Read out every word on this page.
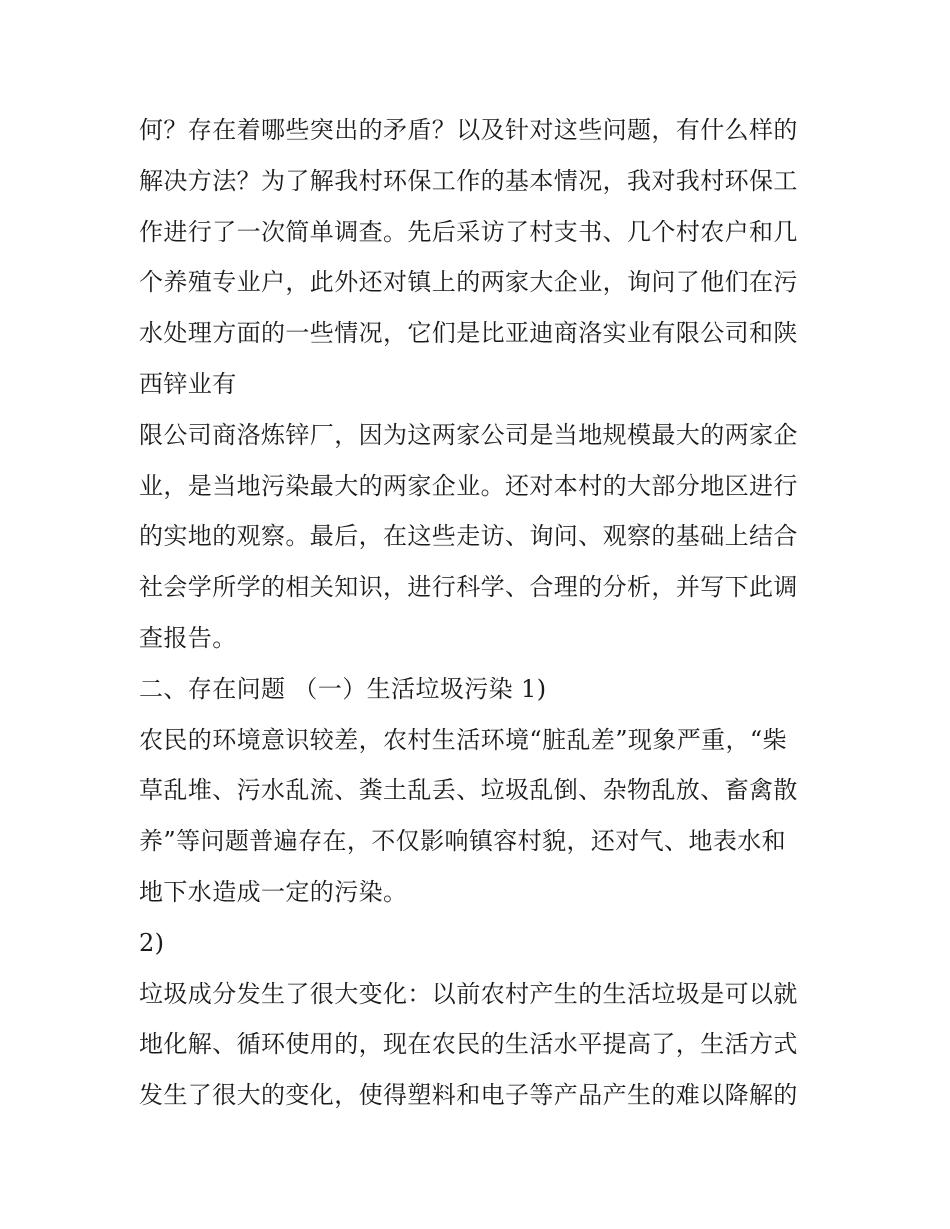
何？存在着哪些突出的矛盾？以及针对这些问题，有什么样的
解决方法？为了解我村环保工作的基本情况，我对我村环保工
作进行了一次简单调查。先后采访了村支书、几个村农户和几
个养殖专业户，此外还对镇上的两家大企业，询问了他们在污
水处理方面的一些情况，它们是比亚迪商洛实业有限公司和陕
西锌业有
限公司商洛炼锌厂，因为这两家公司是当地规模最大的两家企
业，是当地污染最大的两家企业。还对本村的大部分地区进行
的实地的观察。最后，在这些走访、询问、观察的基础上结合
社会学所学的相关知识，进行科学、合理的分析，并写下此调
查报告。
二、存在问题 （一）生活垃圾污染 1)
农民的环境意识较差，农村生活环境“脏乱差”现象严重，“柴
草乱堆、污水乱流、粪土乱丢、垃圾乱倒、杂物乱放、畜禽散
养”等问题普遍存在，不仅影响镇容村貌，还对气、地表水和
地下水造成一定的污染。
2)
垃圾成分发生了很大变化：以前农村产生的生活垃圾是可以就
地化解、循环使用的，现在农民的生活水平提高了，生活方式
发生了很大的变化，使得塑料和电子等产品产生的难以降解的
